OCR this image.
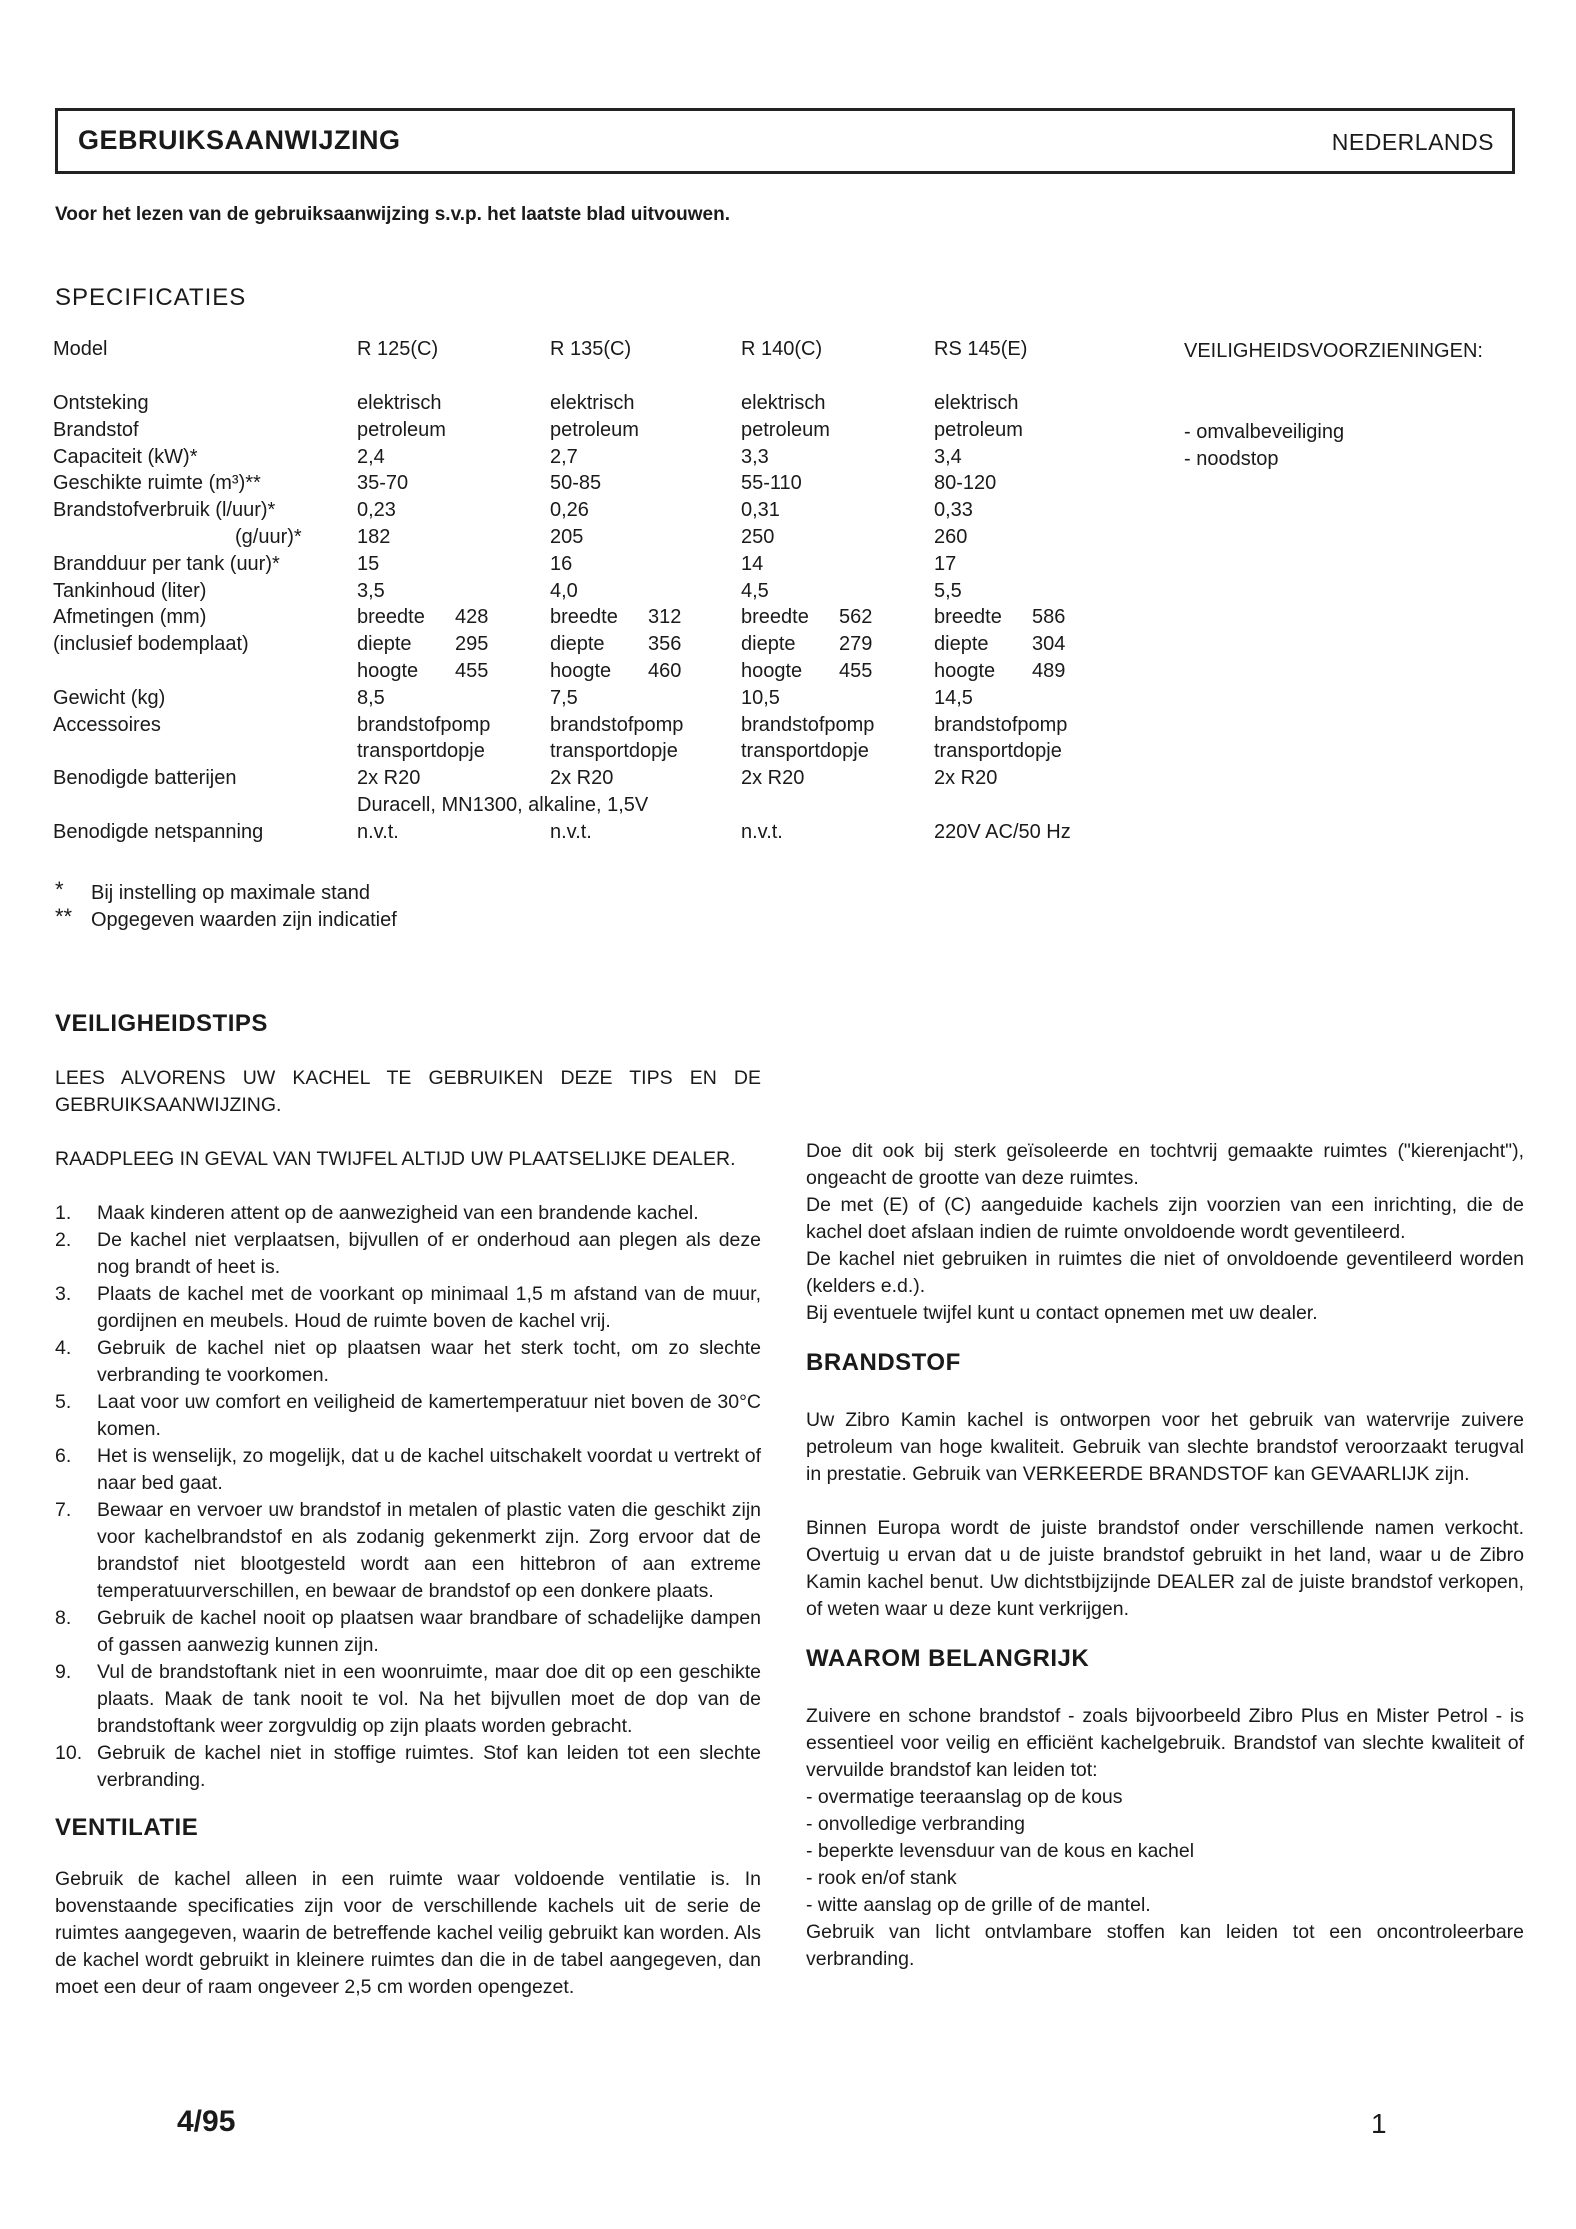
GEBRUIKSAANWIJZING	NEDERLANDS
Voor het lezen van de gebruiksaanwijzing s.v.p. het laatste blad uitvouwen.
SPECIFICATIES
Model	R 125(C)	R 135(C)	R 140(C)	RS 145(E)

Ontsteking	elektrisch	elektrisch	elektrisch	elektrisch
Brandstof	petroleum	petroleum	petroleum	petroleum
Capaciteit (kW)*	2,4	2,7	3,3	3,4
Geschikte ruimte (m³)**	35-70	50-85	55-110	80-120
Brandstofverbruik (l/uur)*	0,23	0,26	0,31	0,33
(g/uur)*	182	205	250	260
Brandduur per tank (uur)*	15	16	14	17
Tankinhoud (liter)	3,5	4,0	4,5	5,5
Afmetingen (mm)	breedte 428	breedte 312	breedte 562	breedte 586
(inclusief bodemplaat)	diepte 295	diepte 356	diepte 279	diepte 304
	hoogte 455	hoogte 460	hoogte 455	hoogte 489
Gewicht (kg)	8,5	7,5	10,5	14,5
Accessoires	brandstofpomp	brandstofpomp	brandstofpomp	brandstofpomp
	transportdopje	transportdopje	transportdopje	transportdopje
Benodigde batterijen	2x R20	2x R20	2x R20	2x R20
	Duracell, MN1300, alkaline, 1,5V			
Benodigde netspanning	n.v.t.	n.v.t.	n.v.t.	220V AC/50 Hz
VEILIGHEIDSVOORZIENINGEN:
- omvalbeveiliging
- noodstop
* Bij instelling op maximale stand
** Opgegeven waarden zijn indicatief
VEILIGHEIDSTIPS

LEES ALVORENS UW KACHEL TE GEBRUIKEN DEZE TIPS EN DE GEBRUIKSAANWIJZING.

RAADPLEEG IN GEVAL VAN TWIJFEL ALTIJD UW PLAATSELIJKE DEALER.

1.	Maak kinderen attent op de aanwezigheid van een brandende kachel.
2.	De kachel niet verplaatsen, bijvullen of er onderhoud aan plegen als deze nog brandt of heet is.
3.	Plaats de kachel met de voorkant op minimaal 1,5 m afstand van de muur, gordijnen en meubels. Houd de ruimte boven de kachel vrij.
4.	Gebruik de kachel niet op plaatsen waar het sterk tocht, om zo slechte verbranding te voorkomen.
5.	Laat voor uw comfort en veiligheid de kamertemperatuur niet boven de 30°C komen.
6.	Het is wenselijk, zo mogelijk, dat u de kachel uitschakelt voordat u vertrekt of naar bed gaat.
7.	Bewaar en vervoer uw brandstof in metalen of plastic vaten die geschikt zijn voor kachelbrandstof en als zodanig gekenmerkt zijn. Zorg ervoor dat de brandstof niet blootgesteld wordt aan een hittebron of aan extreme temperatuurverschillen, en bewaar de brandstof op een donkere plaats.
8.	Gebruik de kachel nooit op plaatsen waar brandbare of schadelijke dampen of gassen aanwezig kunnen zijn.
9.	Vul de brandstoftank niet in een woonruimte, maar doe dit op een geschikte plaats. Maak de tank nooit te vol. Na het bijvullen moet de dop van de brandstoftank weer zorgvuldig op zijn plaats worden gebracht.
10. Gebruik de kachel niet in stoffige ruimtes. Stof kan leiden tot een slechte verbranding.
VENTILATIE

Gebruik de kachel alleen in een ruimte waar voldoende ventilatie is. In bovenstaande specificaties zijn voor de verschillende kachels uit de serie de ruimtes aangegeven, waarin de betreffende kachel veilig gebruikt kan worden. Als de kachel wordt gebruikt in kleinere ruimtes dan die in de tabel aangegeven, dan moet een deur of raam ongeveer 2,5 cm worden opengezet.

Doe dit ook bij sterk geïsoleerde en tochtvrij gemaakte ruimtes ("kierenjacht"), ongeacht de grootte van deze ruimtes.

De met (E) of (C) aangeduide kachels zijn voorzien van een inrichting, die de kachel doet afslaan indien de ruimte onvoldoende wordt geventileerd.

De kachel niet gebruiken in ruimtes die niet of onvoldoende geventileerd worden (kelders e.d.).

Bij eventuele twijfel kunt u contact opnemen met uw dealer.

BRANDSTOF

Uw Zibro Kamin kachel is ontworpen voor het gebruik van watervrije zuivere petroleum van hoge kwaliteit. Gebruik van slechte brandstof veroorzaakt terugval in prestatie. Gebruik van VERKEERDE BRANDSTOF kan GEVAARLIJK zijn.

Binnen Europa wordt de juiste brandstof onder verschillende namen verkocht. Overtuig u ervan dat u de juiste brandstof gebruikt in het land, waar u de Zibro Kamin kachel benut. Uw dichtstbijzijnde DEALER zal de juiste brandstof verkopen, of weten waar u deze kunt verkrijgen.

WAAROM BELANGRIJK

Zuivere en schone brandstof - zoals bijvoorbeeld Zibro Plus en Mister Petrol - is essentieel voor veilig en efficiënt kachelgebruik. Brandstof van slechte kwaliteit of vervuilde brandstof kan leiden tot:

- overmatige teeraanslag op de kous
- onvolledige verbranding
- beperkte levensduur van de kous en kachel
- rook en/of stank
- witte aanslag op de grille of de mantel.

Gebruik van licht ontvlambare stoffen kan leiden tot een oncontroleerbare verbranding.

4/95	1
